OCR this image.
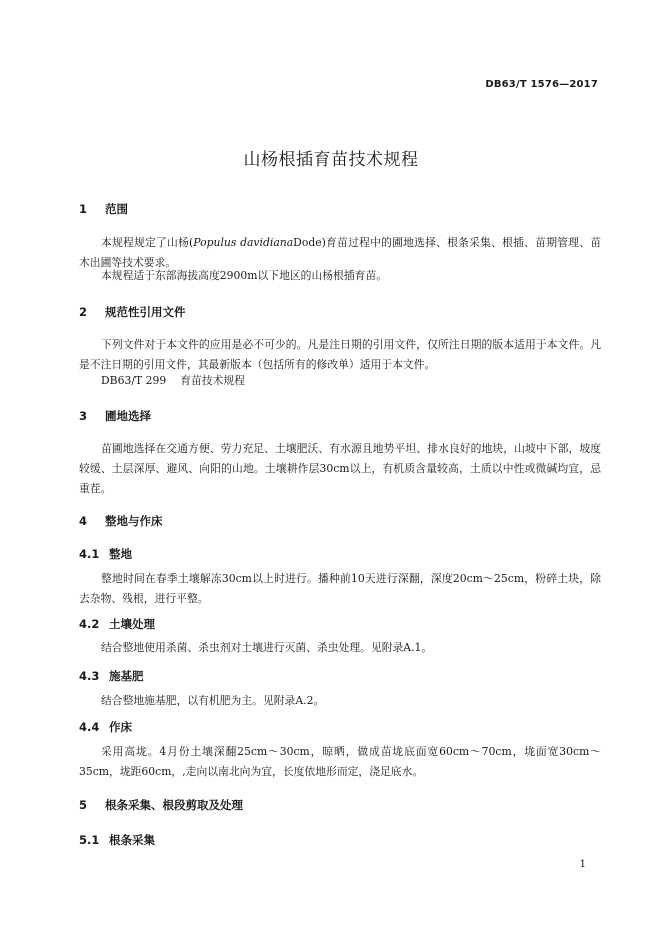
DB63/T 1576—2017
山杨根插育苗技术规程
1 范围
本规程规定了山杨(Populus davidianaDode)育苗过程中的圃地选择、根条采集、根插、苗期管理、苗木出圃等技术要求。
本规程适于东部海拔高度2900m以下地区的山杨根插育苗。
2 规范性引用文件
下列文件对于本文件的应用是必不可少的。凡是注日期的引用文件，仅所注日期的版本适用于本文件。凡是不注日期的引用文件，其最新版本（包括所有的修改单）适用于本文件。
DB63/T 299 育苗技术规程
3 圃地选择
苗圃地选择在交通方便、劳力充足、土壤肥沃、有水源且地势平坦、排水良好的地块，山坡中下部，坡度较缓、土层深厚、避风、向阳的山地。土壤耕作层30cm以上，有机质含量较高，土质以中性或微碱均宜，忌重茬。
4 整地与作床
4.1 整地
整地时间在春季土壤解冻30cm以上时进行。播种前10天进行深翻，深度20cm～25cm，粉碎土块，除去杂物、残根，进行平整。
4.2 土壤处理
结合整地使用杀菌、杀虫剂对土壤进行灭菌、杀虫处理。见附录A.1。
4.3 施基肥
结合整地施基肥，以有机肥为主。见附录A.2。
4.4 作床
采用高垅。4月份土壤深翻25cm～30cm，晾晒，做成苗垅底面宽60cm～70cm，垅面宽30cm～35cm，垅距60cm，,走向以南北向为宜，长度依地形而定，浇足底水。
5 根条采集、根段剪取及处理
5.1 根条采集
1
